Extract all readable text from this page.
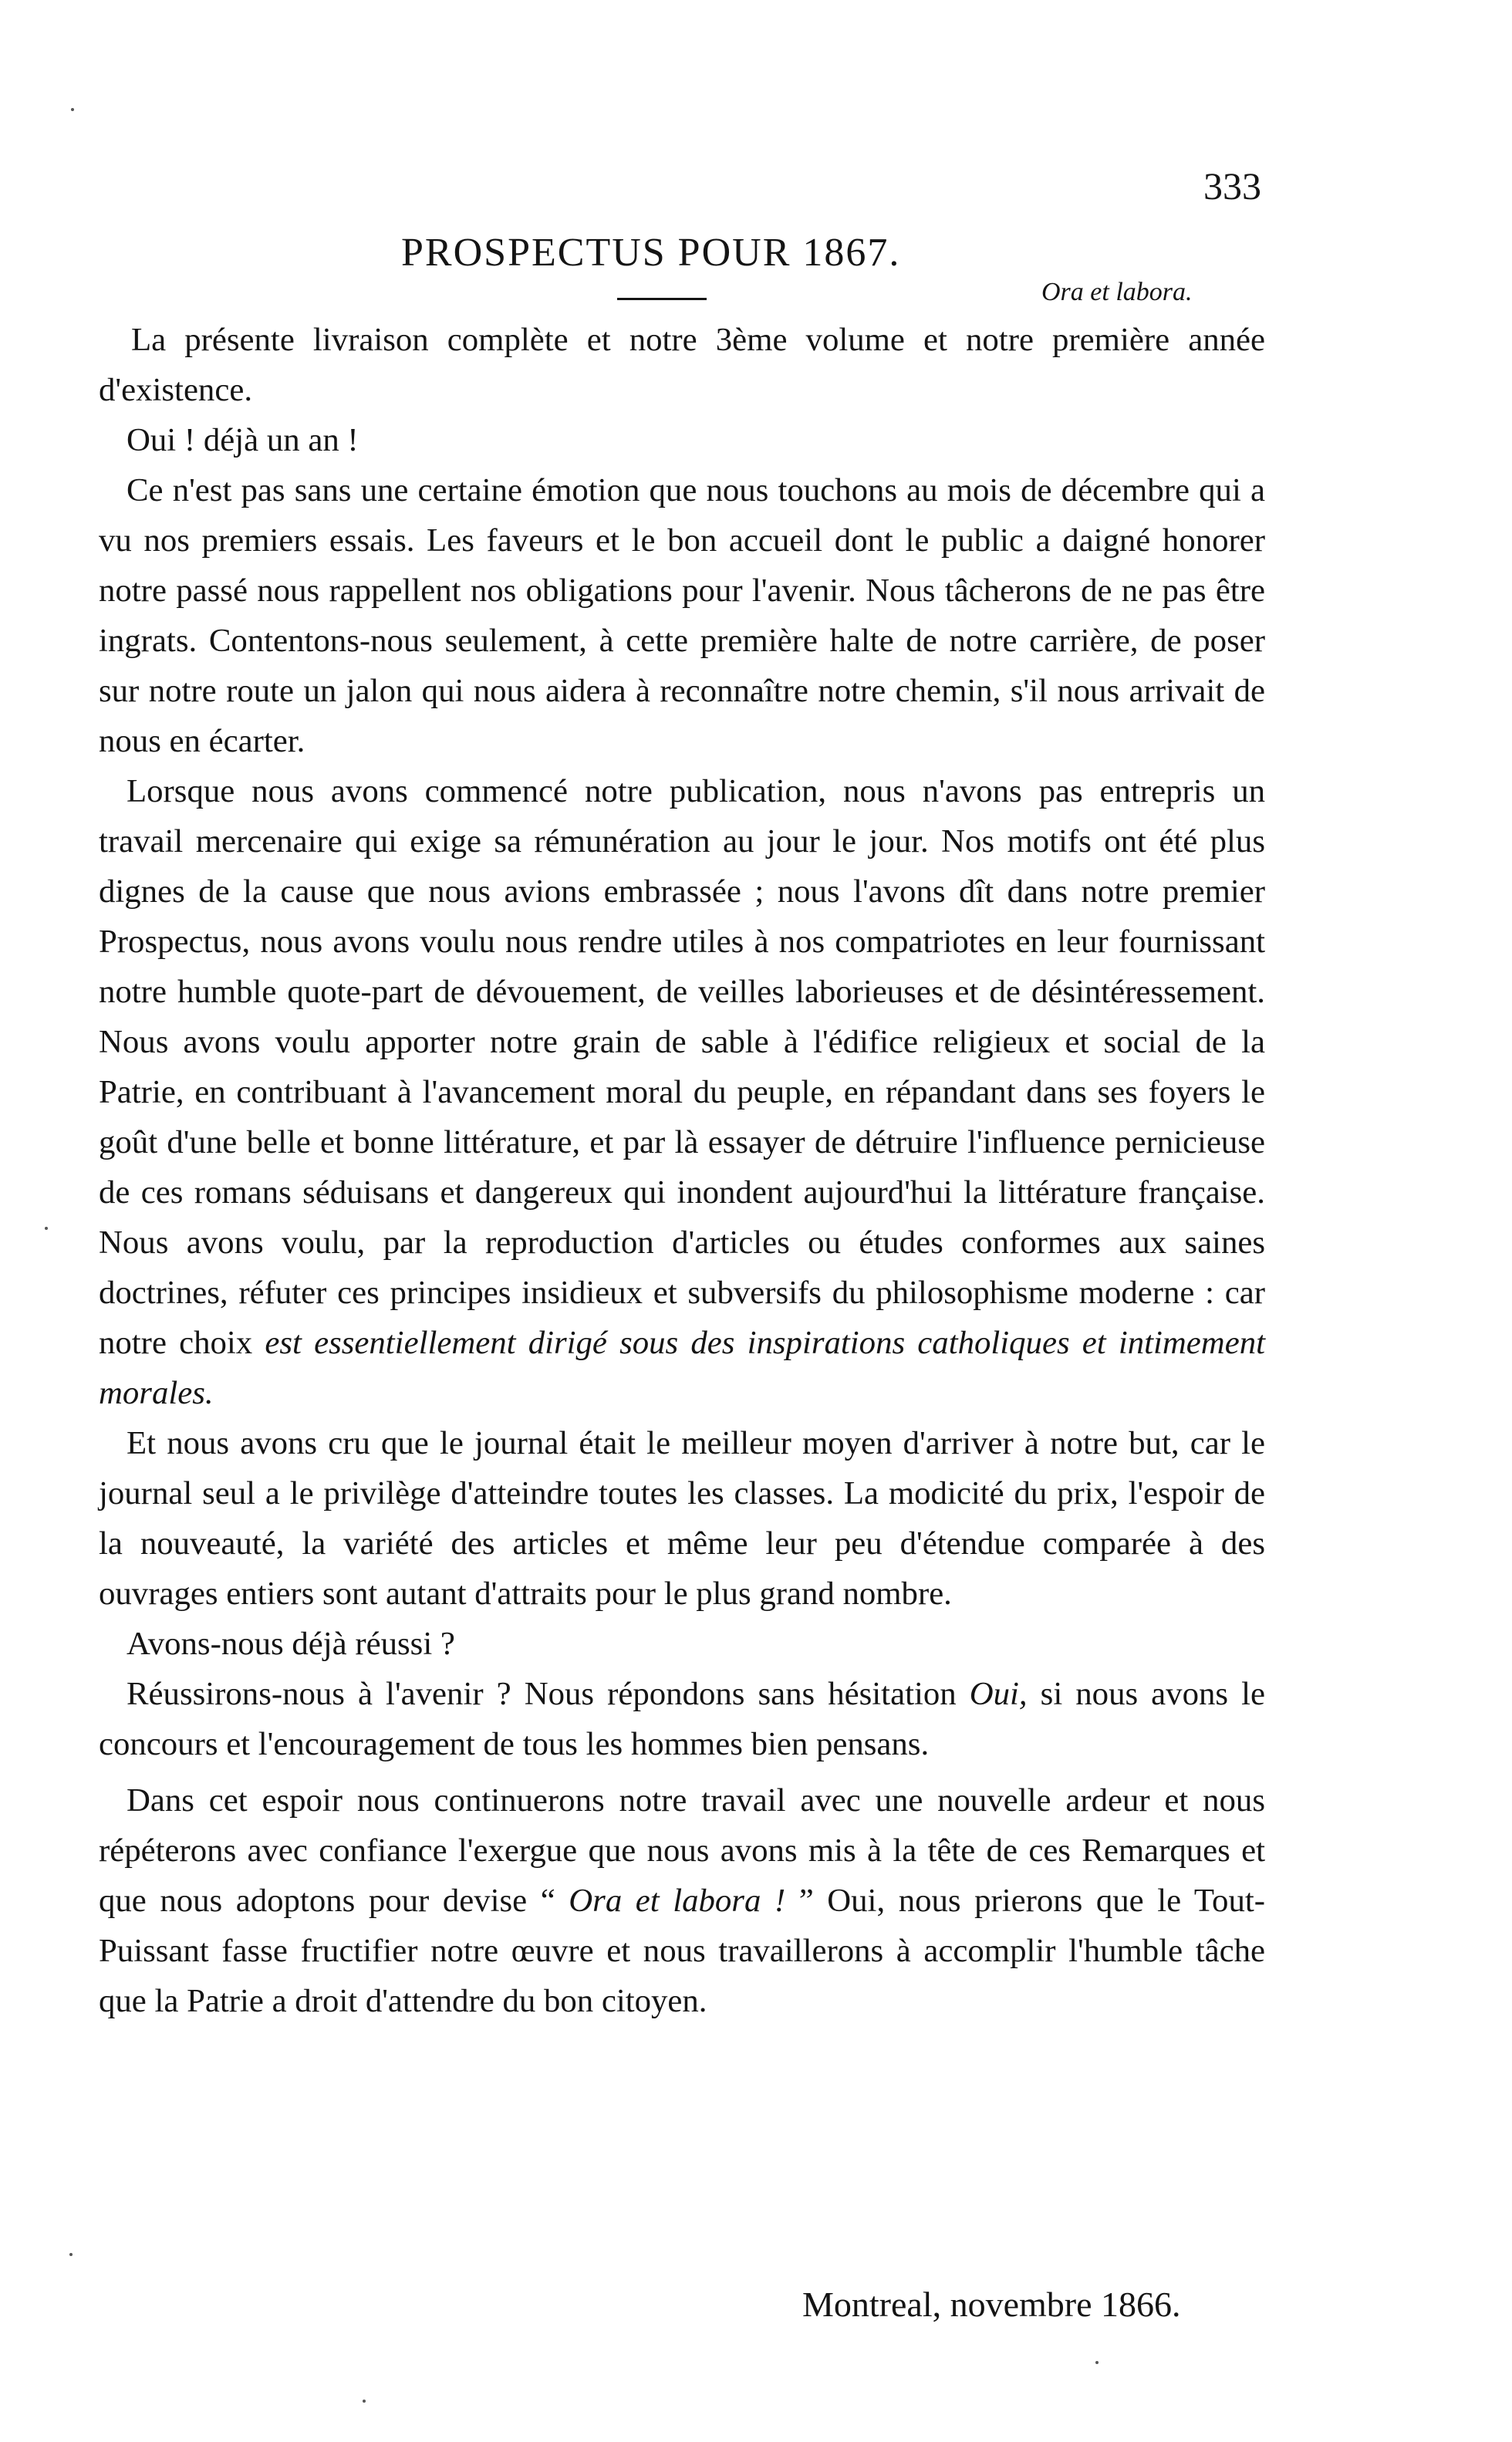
333
PROSPECTUS POUR 1867.
Ora et labora.

La présente livraison complète et notre 3ème volume et notre première année d'existence.

Oui ! déjà un an !

Ce n'est pas sans une certaine émotion que nous touchons au mois de décembre qui a vu nos premiers essais. Les faveurs et le bon accueil dont le public a daigné honorer notre passé nous rappellent nos obligations pour l'avenir. Nous tâcherons de ne pas être ingrats. Contentons-nous seulement, à cette première halte de notre carrière, de poser sur notre route un jalon qui nous aidera à reconnaître notre chemin, s'il nous arrivait de nous en écarter.

Lorsque nous avons commencé notre publication, nous n'avons pas entrepris un travail mercenaire qui exige sa rémunération au jour le jour. Nos motifs ont été plus dignes de la cause que nous avions embrassée ; nous l'avons dît dans notre premier Prospectus, nous avons voulu nous rendre utiles à nos compatriotes en leur fournissant notre humble quote-part de dévouement, de veilles laborieuses et de désintéressement. Nous avons voulu apporter notre grain de sable à l'édifice religieux et social de la Patrie, en contribuant à l'avancement moral du peuple, en répandant dans ses foyers le goût d'une belle et bonne littérature, et par là essayer de détruire l'influence pernicieuse de ces romans séduisans et dangereux qui inondent aujourd'hui la littérature française. Nous avons voulu, par la reproduction d'articles ou études conformes aux saines doctrines, réfuter ces principes insidieux et subversifs du philosophisme moderne : car notre choix est essentiellement dirigé sous des inspirations catholiques et intimement morales.

Et nous avons cru que le journal était le meilleur moyen d'arriver à notre but, car le journal seul a le privilège d'atteindre toutes les classes. La modicité du prix, l'espoir de la nouveauté, la variété des articles et même leur peu d'étendue comparée à des ouvrages entiers sont autant d'attraits pour le plus grand nombre.

Avons-nous déjà réussi ?

Réussirons-nous à l'avenir ? Nous répondons sans hésitation Oui, si nous avons le concours et l'encouragement de tous les hommes bien pensans.

Dans cet espoir nous continuerons notre travail avec une nouvelle ardeur et nous répéterons avec confiance l'exergue que nous avons mis à la tête de ces Remarques et que nous adoptons pour devise “ Ora et labora ! ” Oui, nous prierons que le Tout-Puissant fasse fructifier notre œuvre et nous travaillerons à accomplir l'humble tâche que la Patrie a droit d'attendre du bon citoyen.

Montreal, novembre 1866.
